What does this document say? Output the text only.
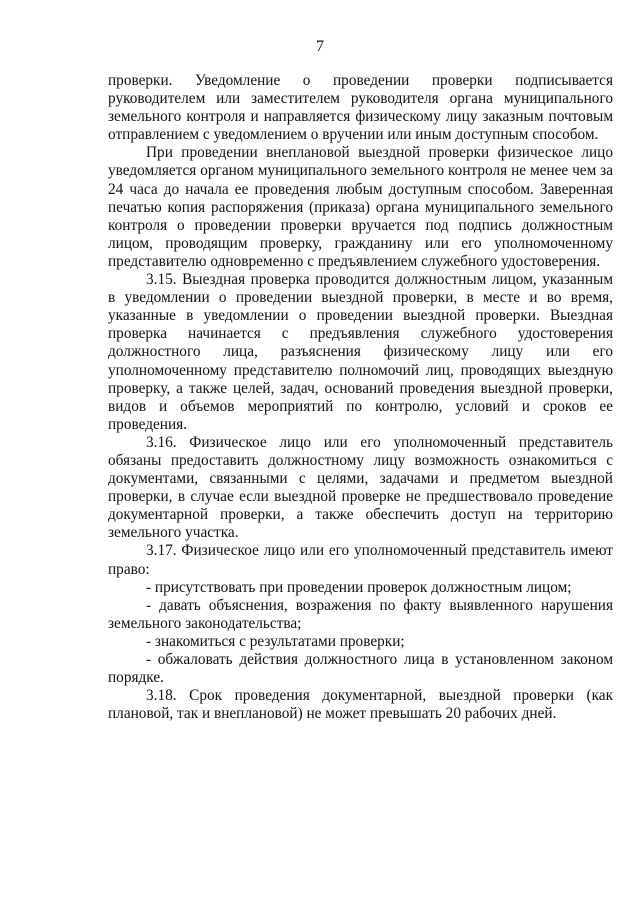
7

проверки. Уведомление о проведении проверки подписывается руководителем или заместителем руководителя органа муниципального земельного контроля и направляется физическому лицу заказным почтовым отправлением с уведомлением о вручении или иным доступным способом.

При проведении внеплановой выездной проверки физическое лицо уведомляется органом муниципального земельного контроля не менее чем за 24 часа до начала ее проведения любым доступным способом. Заверенная печатью копия распоряжения (приказа) органа муниципального земельного контроля о проведении проверки вручается под подпись должностным лицом, проводящим проверку, гражданину или его уполномоченному представителю одновременно с предъявлением служебного удостоверения.

3.15. Выездная проверка проводится должностным лицом, указанным в уведомлении о проведении выездной проверки, в месте и во время, указанные в уведомлении о проведении выездной проверки. Выездная проверка начинается с предъявления служебного удостоверения должностного лица, разъяснения физическому лицу или его уполномоченному представителю полномочий лиц, проводящих выездную проверку, а также целей, задач, оснований проведения выездной проверки, видов и объемов мероприятий по контролю, условий и сроков ее проведения.

3.16. Физическое лицо или его уполномоченный представитель обязаны предоставить должностному лицу возможность ознакомиться с документами, связанными с целями, задачами и предметом выездной проверки, в случае если выездной проверке не предшествовало проведение документарной проверки, а также обеспечить доступ на территорию земельного участка.

3.17. Физическое лицо или его уполномоченный представитель имеют право:

- присутствовать при проведении проверок должностным лицом;

- давать объяснения, возражения по факту выявленного нарушения земельного законодательства;

- знакомиться с результатами проверки;

- обжаловать действия должностного лица в установленном законом порядке.

3.18. Срок проведения документарной, выездной проверки (как плановой, так и внеплановой) не может превышать 20 рабочих дней.
